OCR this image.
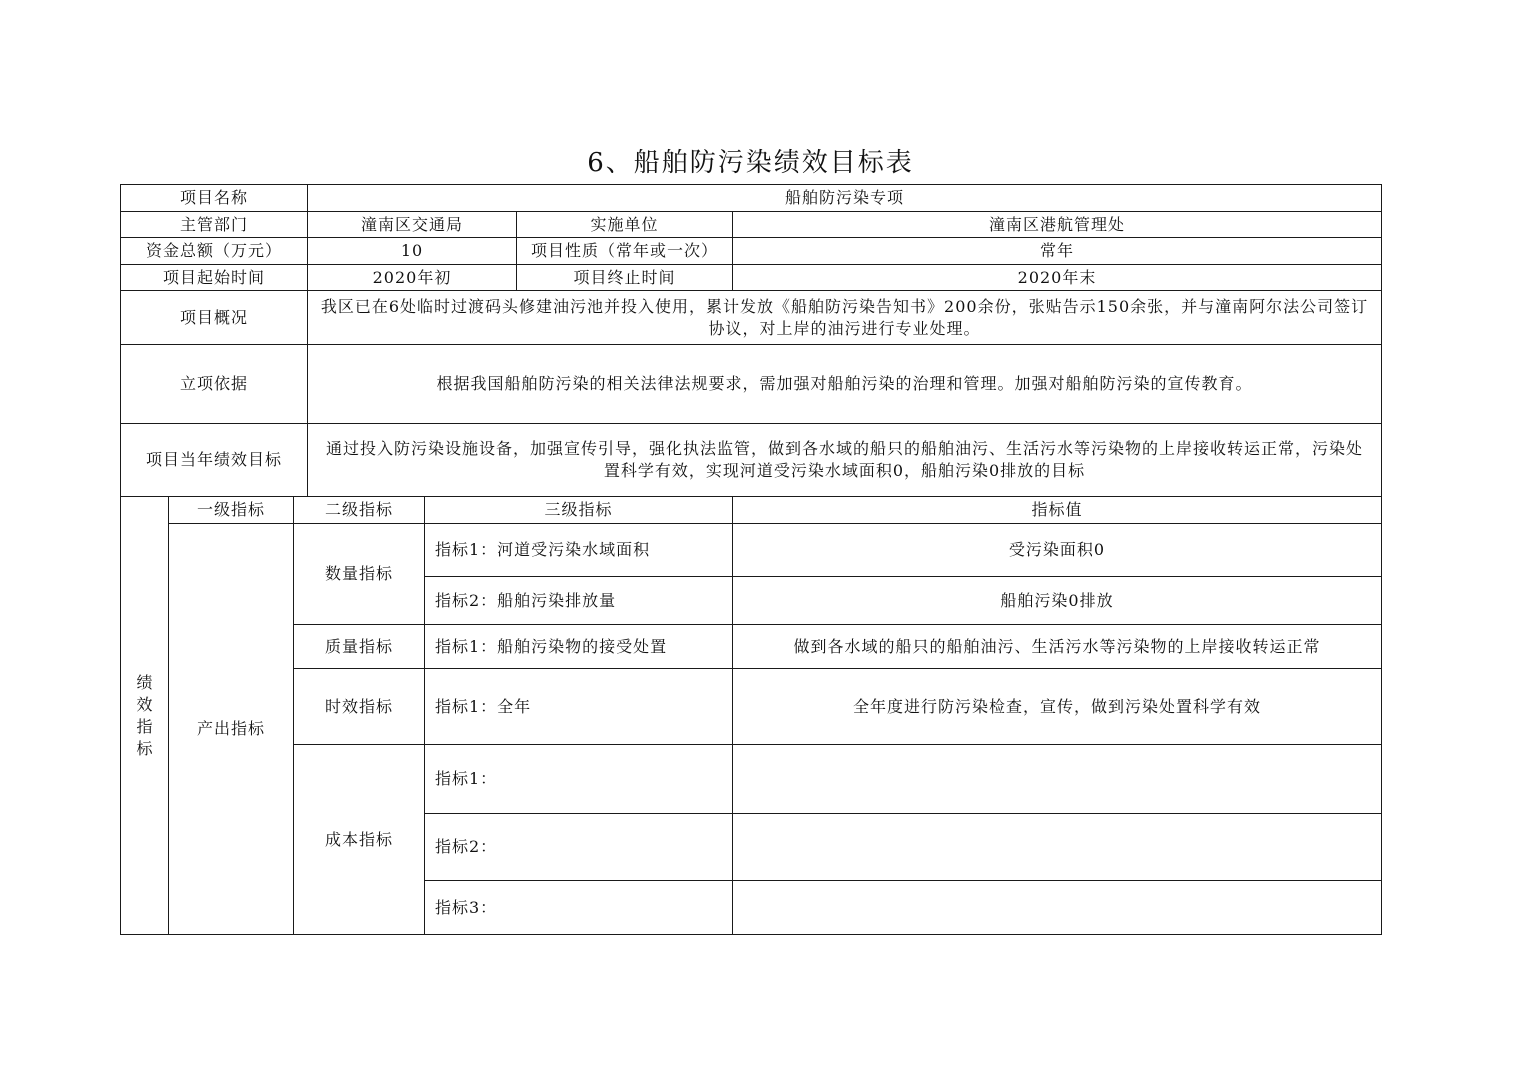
6、船舶防污染绩效目标表
项目名称			船舶防污染专项			
主管部门			潼南区交通局		实施单位	潼南区港航管理处
资金总额（万元）			10		项目性质（常年或一次）	常年
项目起始时间			2020年初		项目终止时间	2020年末
项目概况			我区已在6处临时过渡码头修建油污池并投入使用，累计发放《船舶防污染告知书》200余份，张贴告示150余张，并与潼南阿尔法公司签订协议，对上岸的油污进行专业处理。			
立项依据			根据我国船舶防污染的相关法律法规要求，需加强对船舶污染的治理和管理。加强对船舶防污染的宣传教育。			
项目当年绩效目标			通过投入防污染设施设备，加强宣传引导，强化执法监管，做到各水域的船只的船舶油污、生活污水等污染物的上岸接收转运正常，污染处置科学有效，实现河道受污染水域面积0，船舶污染0排放的目标			
绩效指标	一级指标	二级指标		三级指标		指标值
	产出指标	数量指标		指标1：河道受污染水域面积		受污染面积0
				指标2：船舶污染排放量		船舶污染0排放
		质量指标		指标1：船舶污染物的接受处置		做到各水域的船只的船舶油污、生活污水等污染物的上岸接收转运正常
		时效指标		指标1：全年		全年度进行防污染检查，宣传，做到污染处置科学有效
		成本指标		指标1：		
				指标2：		
				指标3：		
